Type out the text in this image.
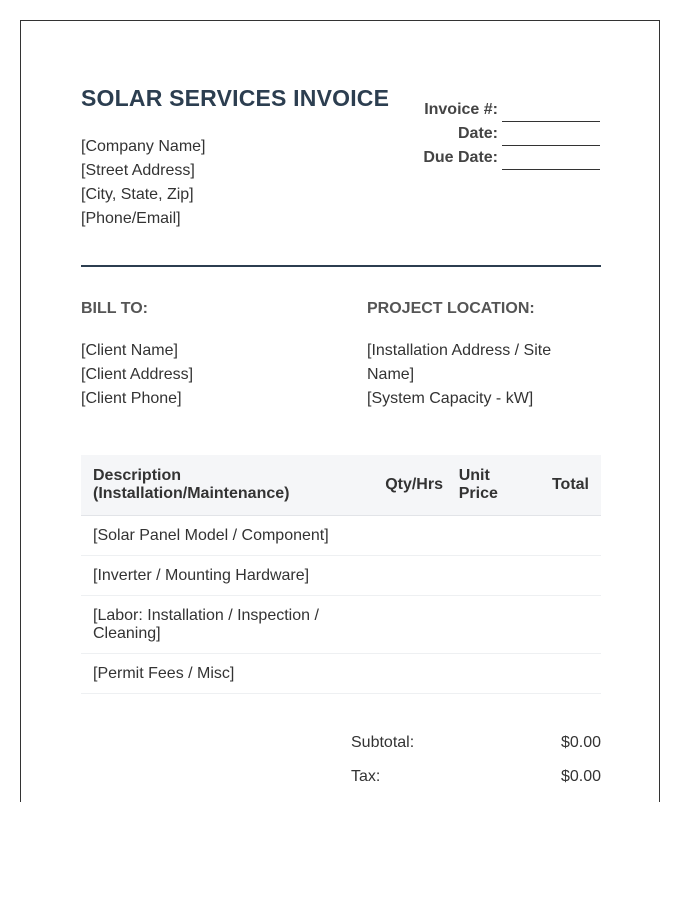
SOLAR SERVICES INVOICE
[Company Name]
[Street Address]
[City, State, Zip]
[Phone/Email]
Invoice #:
Date:
Due Date:
BILL TO:	PROJECT LOCATION:
[Client Name]
[Client Address]
[Client Phone]
[Installation Address / Site Name]
[System Capacity - kW]
Description (Installation/Maintenance)	Qty/Hrs	Unit Price	Total
[Solar Panel Model / Component]			
[Inverter / Mounting Hardware]			
[Labor: Installation / Inspection / Cleaning]			
[Permit Fees / Misc]			
Subtotal:	$0.00
Tax:	$0.00
